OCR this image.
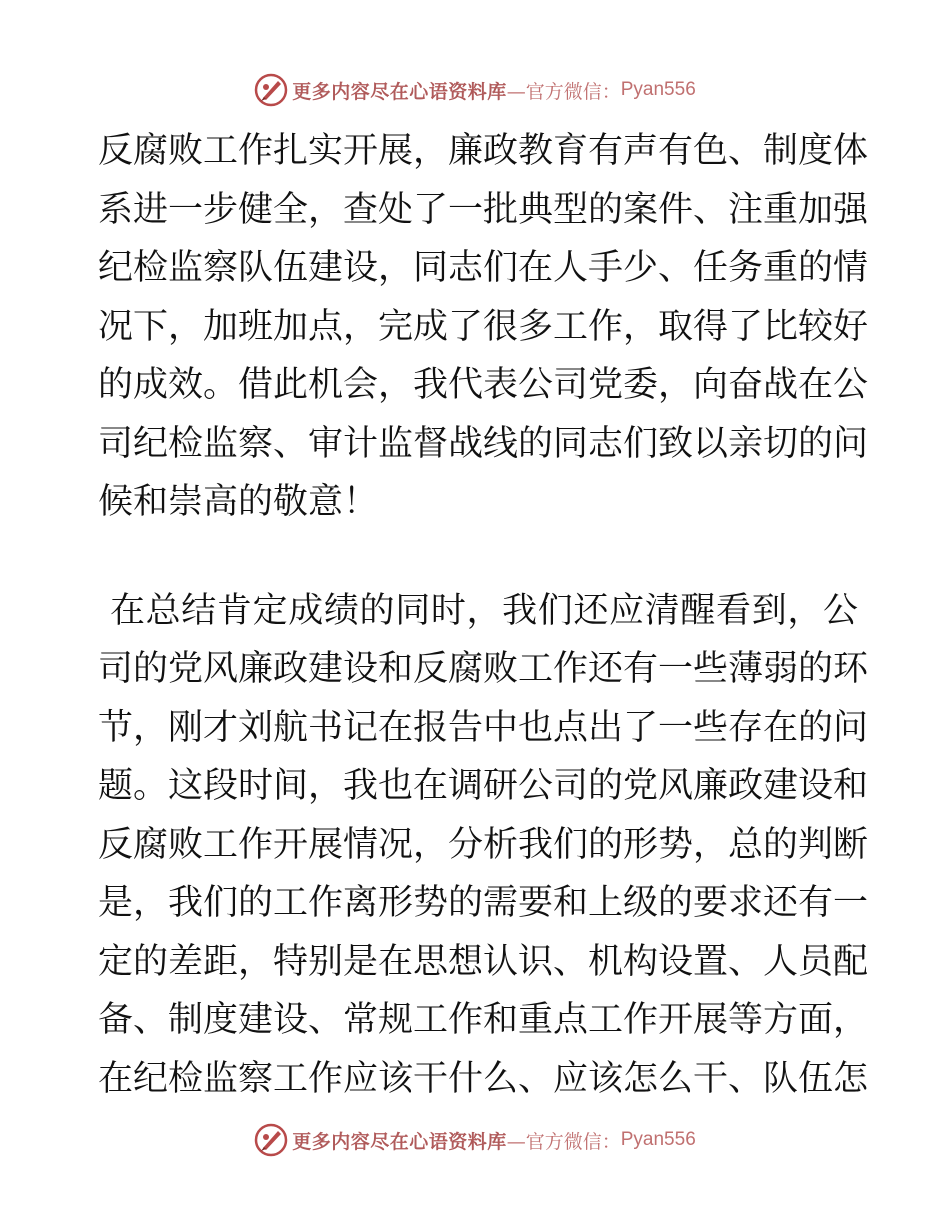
更多内容尽在心语资料库 —官方微信： Pyan556
反腐败工作扎实开展，廉政教育有声有色、制度体
系进一步健全，查处了一批典型的案件、注重加强
纪检监察队伍建设，同志们在人手少、任务重的情
况下，加班加点，完成了很多工作，取得了比较好
的成效。借此机会，我代表公司党委，向奋战在公
司纪检监察、审计监督战线的同志们致以亲切的问
候和崇高的敬意！
在总结肯定成绩的同时，我们还应清醒看到，公
司的党风廉政建设和反腐败工作还有一些薄弱的环
节，刚才刘航书记在报告中也点出了一些存在的问
题。这段时间，我也在调研公司的党风廉政建设和
反腐败工作开展情况，分析我们的形势，总的判断
是，我们的工作离形势的需要和上级的要求还有一
定的差距，特别是在思想认识、机构设置、人员配
备、制度建设、常规工作和重点工作开展等方面，
在纪检监察工作应该干什么、应该怎么干、队伍怎
更多内容尽在心语资料库 —官方微信： Pyan556
